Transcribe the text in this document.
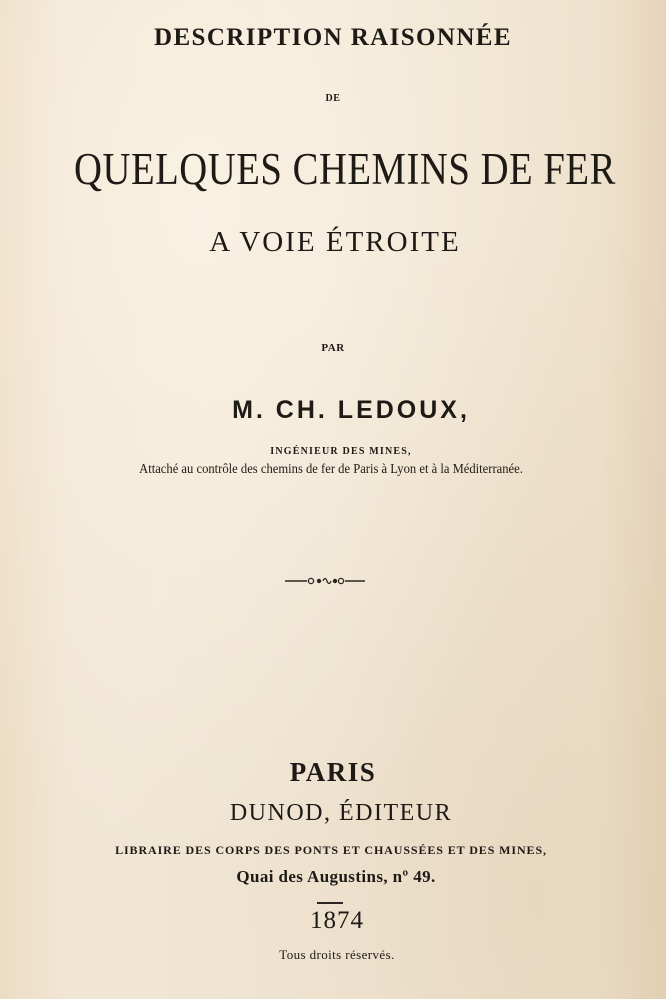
DESCRIPTION RAISONNÉE

DE

QUELQUES CHEMINS DE FER

A VOIE ÉTROITE

PAR

M. CH. LEDOUX,

INGÉNIEUR DES MINES,

Attaché au contrôle des chemins de fer de Paris à Lyon et à la Méditerranée.

PARIS

DUNOD, ÉDITEUR

LIBRAIRE DES CORPS DES PONTS ET CHAUSSÉES ET DES MINES,

Quai des Augustins, nº 49.

1874

Tous droits réservés.
